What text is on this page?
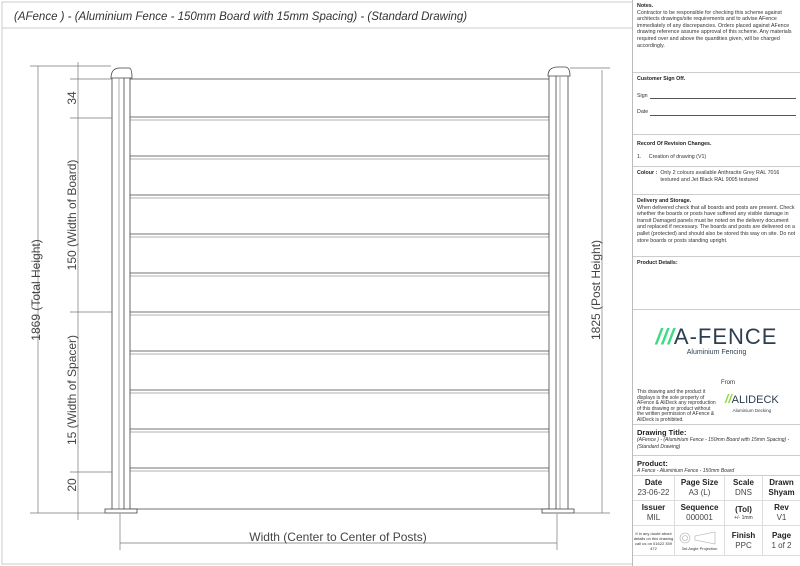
(AFence ) - (Aluminium Fence - 150mm Board with 15mm Spacing) - (Standard Drawing)
1869 (Total Height)
34
150 (Width of Board)
15 (Width of Spacer)
20
1825 (Post Height)
Width (Center to Center of Posts)
Notes.
Contractor to be responsible for checking this scheme against architects drawings/site requirements and to advise AFence immediately of any discrepancies. Orders placed against AFence drawing reference assume approval of this scheme. Any materials required over and above the quantities given, will be charged accordingly.
Customer Sign Off.
Sign
Date
Record Of Revision Changes.
1. Creation of drawing (V1)
Colour : Only 2 colours available Anthracite Grey RAL 7016 textured and Jet Black RAL 9005 textured
Delivery and Storage.
When delivered check that all boards and posts are present. Check whether the boards or posts have suffered any visible damage in transit Damaged panels must be noted on the delivery document and replaced if necessary. The boards and posts are delivered on a pallet (protected) and should also be stored this way on site. Do not store boards or posts standing upright.
Product Details:
///A-FENCE
Aluminium Fencing
From
This drawing and the product it displays is the sole property of AFence & AliDeck any reproduction of this drawing or product without the written permission of AFence & AliDeck is prohibited.
//ALIDECK
Aluminium Decking
Drawing Title:
(AFence ) - (Aluminium Fence - 150mm Board with 15mm Spacing) - (Standard Drawing)
Product:
A Fence - Aluminium Fence - 150mm Board
Date
23-06-22
Page Size
A3 (L)
Scale
DNS
Drawn
Shyam
Issuer
MIL
Sequence
000001
(Tol)
+/- 1mm
Rev
V1
If in any doubt about details on this drawing call us on 01622 359 472	3rd Angle Projection
Finish
PPC
Page
1 of 2
